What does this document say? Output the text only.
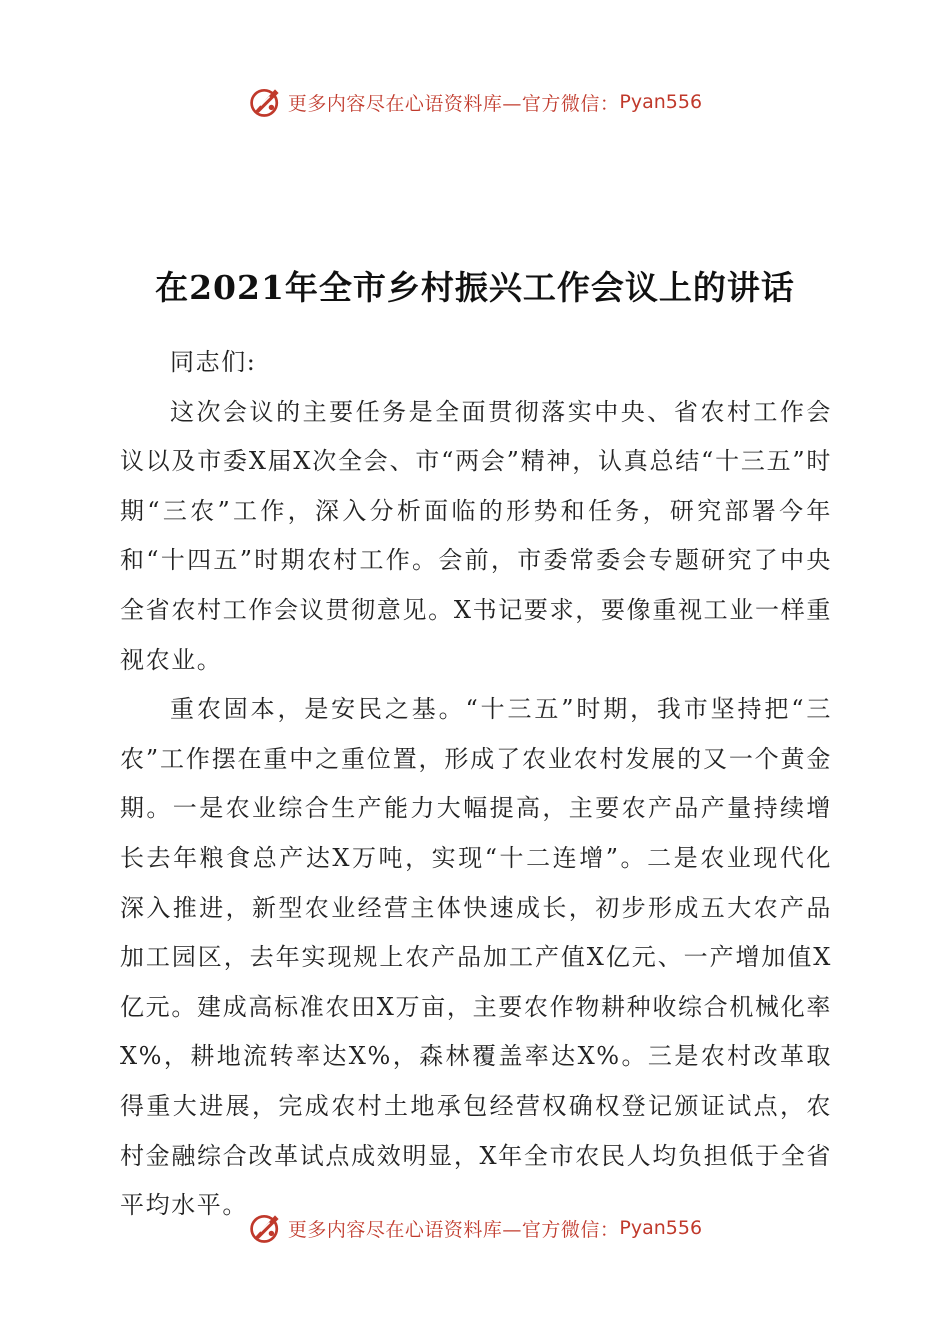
更多内容尽在心语资料库—官方微信： Pyan556
在2021年全市乡村振兴工作会议上的讲话

同志们:

这次会议的主要任务是全面贯彻落实中央、省农村工作会议以及市委X届X次全会、市“两会”精神，认真总结“十三五”时期“三农”工作，深入分析面临的形势和任务，研究部署今年和“十四五”时期农村工作。会前，市委常委会专题研究了中央全省农村工作会议贯彻意见。X书记要求，要像重视工业一样重视农业。

重农固本，是安民之基。“十三五”时期，我市坚持把“三农”工作摆在重中之重位置，形成了农业农村发展的又一个黄金期。一是农业综合生产能力大幅提高，主要农产品产量持续增长去年粮食总产达X万吨，实现“十二连增”。二是农业现代化深入推进，新型农业经营主体快速成长，初步形成五大农产品加工园区，去年实现规上农产品加工产值X亿元、一产增加值X亿元。建成高标准农田X万亩，主要农作物耕种收综合机械化率X%，耕地流转率达X%，森林覆盖率达X%。三是农村改革取得重大进展，完成农村土地承包经营权确权登记颁证试点，农村金融综合改革试点成效明显，X年全市农民人均负担低于全省平均水平。

更多内容尽在心语资料库—官方微信： Pyan556
